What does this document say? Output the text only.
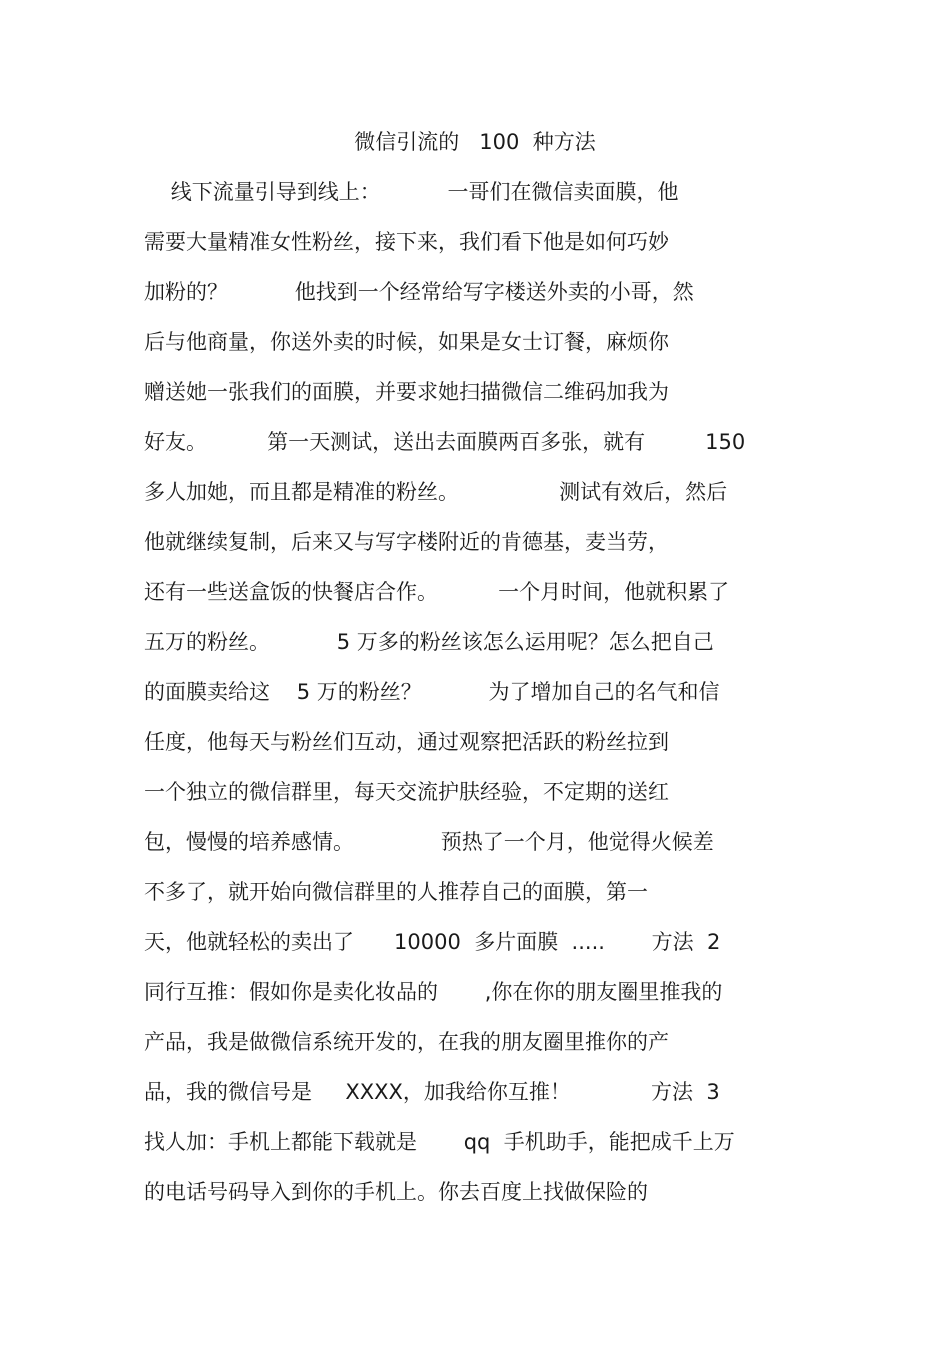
微信引流的   100  种方法
线下流量引导到线上：          一哥们在微信卖面膜，他
需要大量精准女性粉丝，接下来，我们看下他是如何巧妙
加粉的？          他找到一个经常给写字楼送外卖的小哥，然
后与他商量，你送外卖的时候，如果是女士订餐，麻烦你
赠送她一张我们的面膜，并要求她扫描微信二维码加我为
好友。         第一天测试，送出去面膜两百多张，就有         150
多人加她，而且都是精准的粉丝。               测试有效后，然后
他就继续复制，后来又与写字楼附近的肯德基，麦当劳，
还有一些送盒饭的快餐店合作。         一个月时间，他就积累了
五万的粉丝。          5 万多的粉丝该怎么运用呢？怎么把自己
的面膜卖给这    5 万的粉丝？          为了增加自己的名气和信
任度，他每天与粉丝们互动，通过观察把活跃的粉丝拉到
一个独立的微信群里，每天交流护肤经验，不定期的送红
包，慢慢的培养感情。             预热了一个月，他觉得火候差
不多了，就开始向微信群里的人推荐自己的面膜，第一
天，他就轻松的卖出了      10000  多片面膜  .....       方法  2
同行互推：假如你是卖化妆品的       ,你在你的朋友圈里推我的
产品，我是做微信系统开发的，在我的朋友圈里推你的产
品，我的微信号是     XXXX，加我给你互推！            方法  3
找人加：手机上都能下载就是       qq  手机助手，能把成千上万
的电话号码导入到你的手机上。你去百度上找做保险的
